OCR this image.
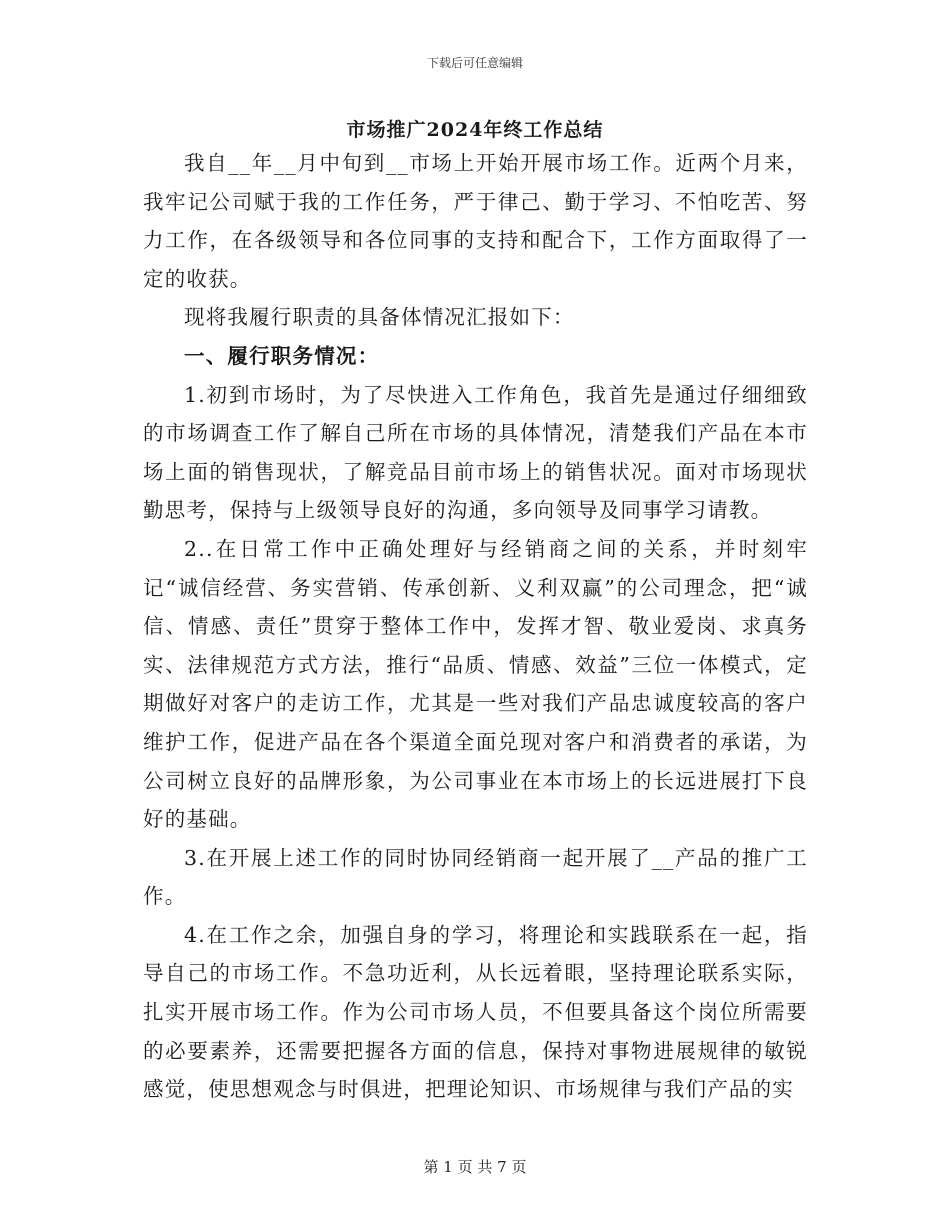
下载后可任意编辑
市场推广2024年终工作总结

我自__年__月中旬到__市场上开始开展市场工作。近两个月来，我牢记公司赋于我的工作任务，严于律己、勤于学习、不怕吃苦、努力工作，在各级领导和各位同事的支持和配合下，工作方面取得了一定的收获。

现将我履行职责的具备体情况汇报如下：

一、履行职务情况：

1.初到市场时，为了尽快进入工作角色，我首先是通过仔细细致的市场调查工作了解自己所在市场的具体情况，清楚我们产品在本市场上面的销售现状，了解竞品目前市场上的销售状况。面对市场现状勤思考，保持与上级领导良好的沟通，多向领导及同事学习请教。

2..在日常工作中正确处理好与经销商之间的关系，并时刻牢记“诚信经营、务实营销、传承创新、义利双赢”的公司理念，把“诚信、情感、责任”贯穿于整体工作中，发挥才智、敬业爱岗、求真务实、法律规范方式方法，推行“品质、情感、效益”三位一体模式，定期做好对客户的走访工作，尤其是一些对我们产品忠诚度较高的客户维护工作，促进产品在各个渠道全面兑现对客户和消费者的承诺，为公司树立良好的品牌形象，为公司事业在本市场上的长远进展打下良好的基础。

3.在开展上述工作的同时协同经销商一起开展了__产品的推广工作。

4.在工作之余，加强自身的学习，将理论和实践联系在一起，指导自己的市场工作。不急功近利，从长远着眼，坚持理论联系实际，扎实开展市场工作。作为公司市场人员，不但要具备这个岗位所需要的必要素养，还需要把握各方面的信息，保持对事物进展规律的敏锐感觉，使思想观念与时俱进，把理论知识、市场规律与我们产品的实

第 1 页 共 7 页
